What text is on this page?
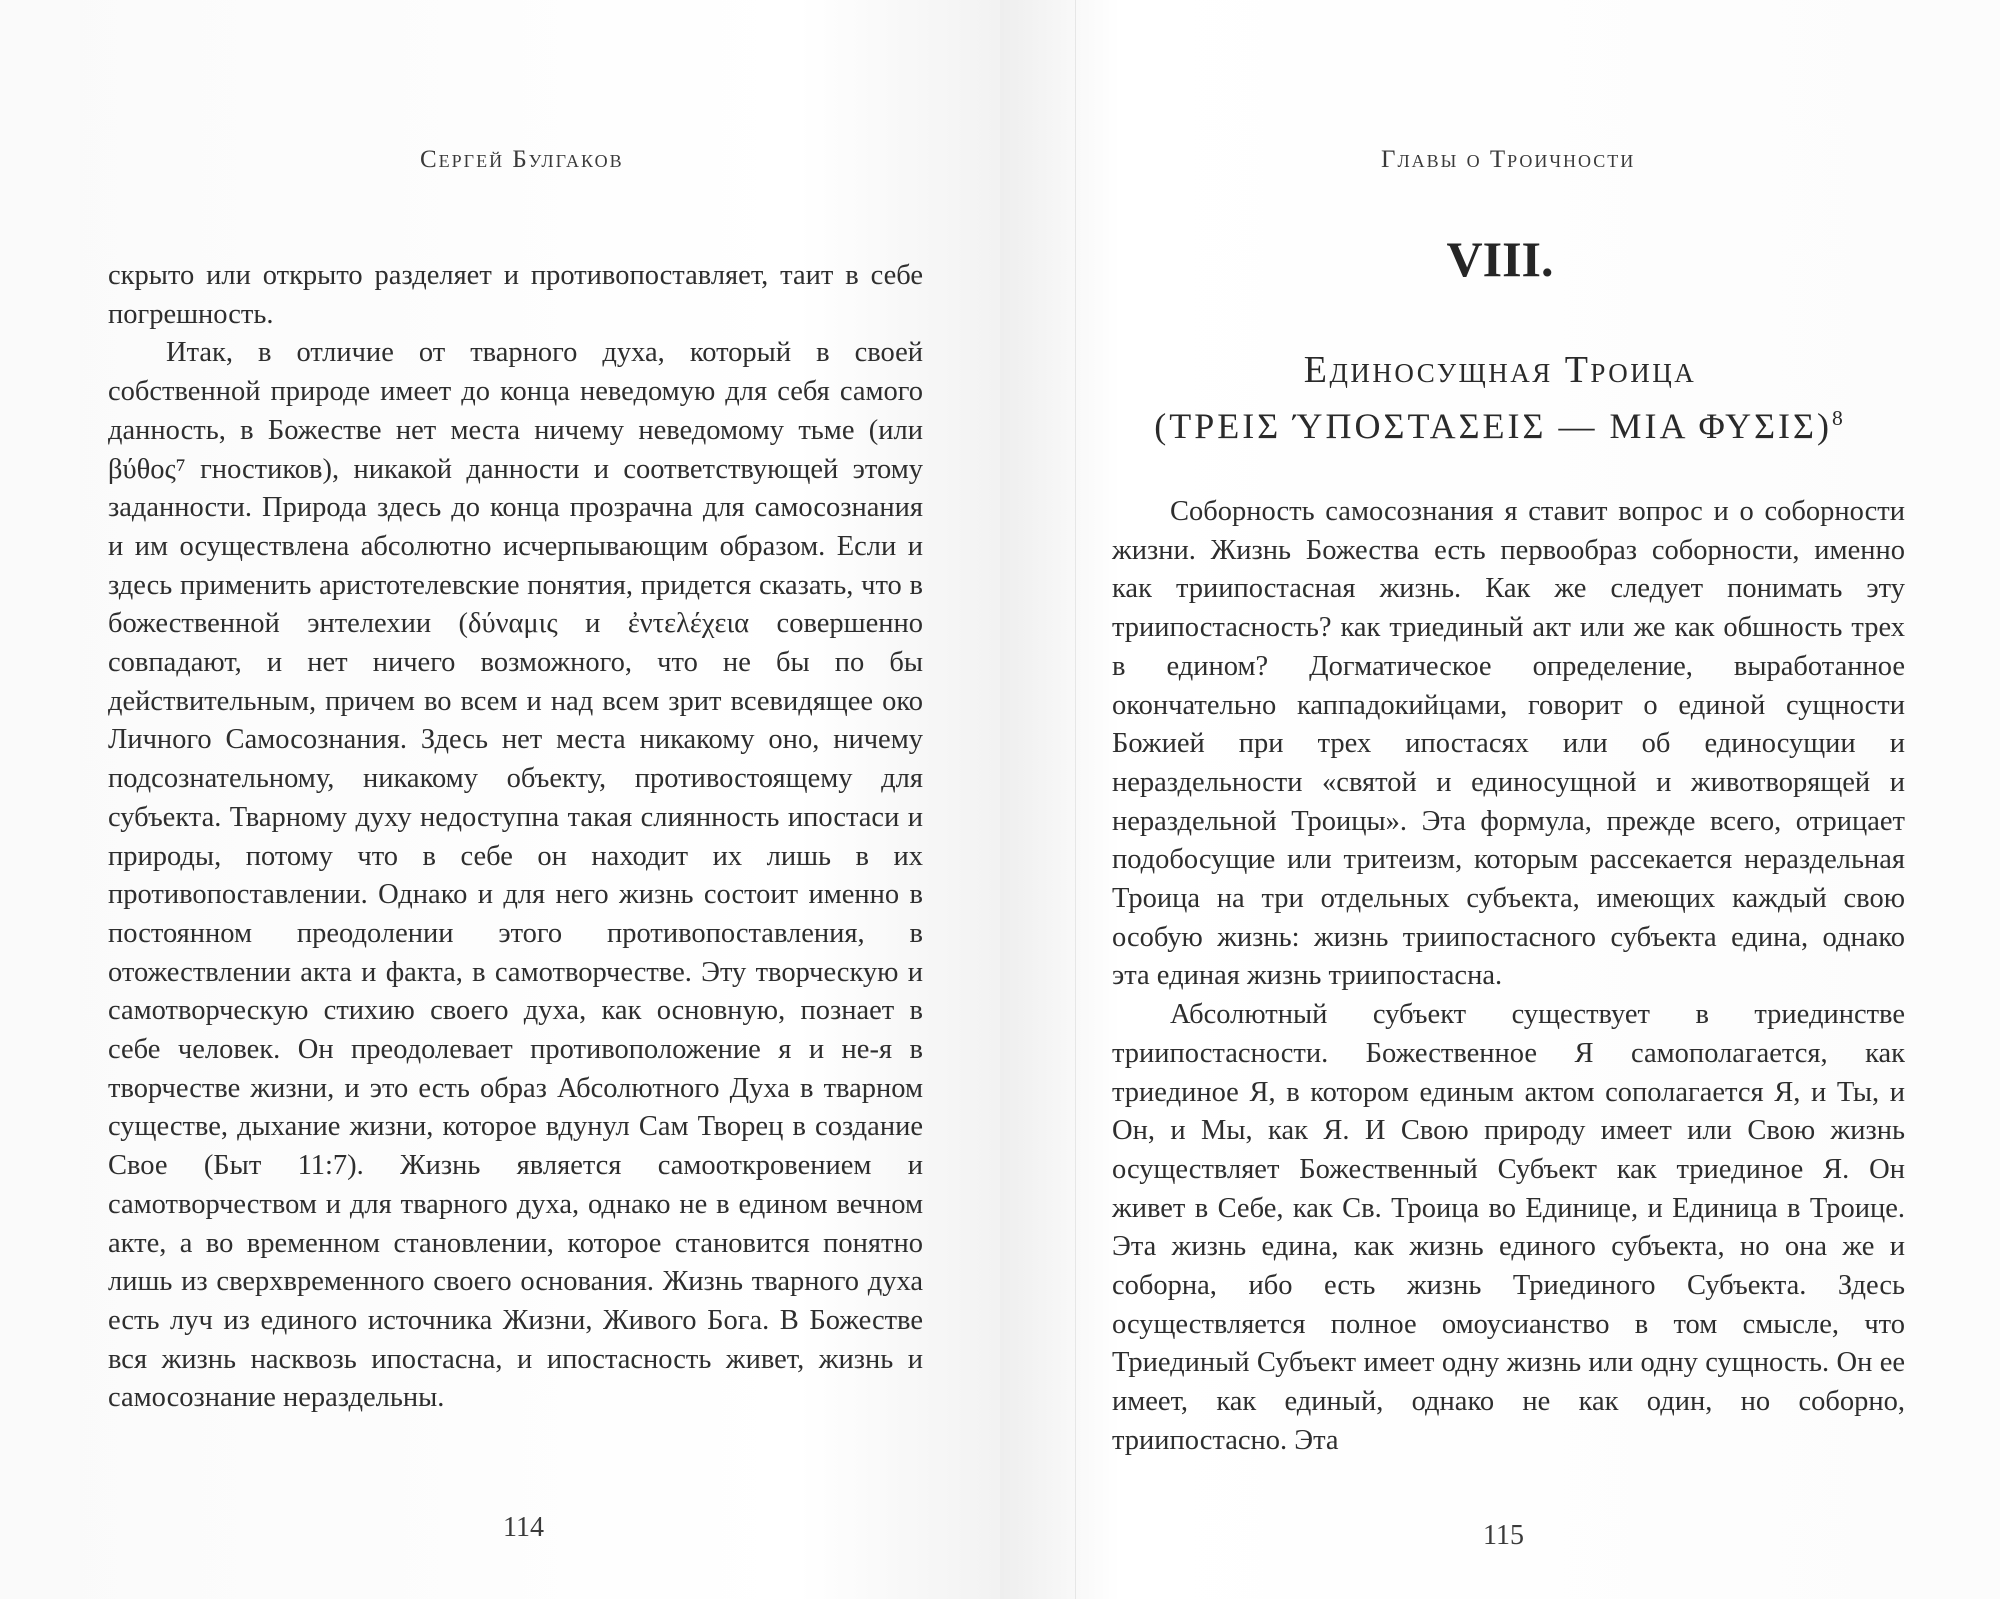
Сергей Булгаков

скрыто или открыто разделяет и противопоставляет, таит в себе погрешность.

Итак, в отличие от тварного духа, который в своей собственной природе имеет до конца неведомую для себя самого данность, в Божестве нет места ничему неведомому тьме (или βύθος⁷ гностиков), никакой данности и соответствующей этому заданности. Природа здесь до конца прозрачна для самосознания и им осуществлена абсолютно исчерпывающим образом. Если и здесь применить аристотелевские понятия, придется сказать, что в божественной энтелехии (δύναμις и ἐντελέχεια совершенно совпадают, и нет ничего возможного, что не бы по бы действительным, причем во всем и над всем зрит всевидящее око Личного Самосознания. Здесь нет места никакому оно, ничему подсознательному, никакому объекту, противостоящему для субъекта. Тварному духу недоступна такая слиянность ипостаси и природы, потому что в себе он находит их лишь в их противопоставлении. Однако и для него жизнь состоит именно в постоянном преодолении этого противопоставления, в отожествлении акта и факта, в самотворчестве. Эту творческую и самотворческую стихию своего духа, как основную, познает в себе человек. Он преодолевает противоположение я и не-я в творчестве жизни, и это есть образ Абсолютного Духа в тварном существе, дыхание жизни, которое вдунул Сам Творец в создание Свое (Быт 11:7). Жизнь является самооткровением и самотворчеством и для тварного духа, однако не в едином вечном акте, а во временном становлении, которое становится понятно лишь из сверхвременного своего основания. Жизнь тварного духа есть луч из единого источника Жизни, Живого Бога. В Божестве вся жизнь насквозь ипостасна, и ипостасность живет, жизнь и самосознание нераздельны.

114
Главы о Троичности
VIII.
Единосущная Троица
(ΤΡΕΙΣ ΎΠΟΣΤΑΣΕΙΣ — ΜΙΑ ΦΥΣΙΣ)$^8$

Соборность самосознания я ставит вопрос и о соборности жизни. Жизнь Божества есть первообраз соборности, именно как триипостасная жизнь. Как же следует понимать эту триипостасность? как триединый акт или же как обшность трех в едином? Догматическое определение, выработанное окончательно каппадокийцами, говорит о единой сущности Божией при трех ипостасях или об единосущии и нераздельности «святой и единосущной и животворящей и нераздельной Троицы». Эта формула, прежде всего, отрицает подобосущие или тритеизм, которым рассекается нераздельная Троица на три отдельных субъекта, имеющих каждый свою особую жизнь: жизнь триипостасного субъекта едина, однако эта единая жизнь триипостасна.

Абсолютный субъект существует в триединстве триипостасности. Божественное Я самополагается, как триединое Я, в котором единым актом сополагается Я, и Ты, и Он, и Мы, как Я. И Свою природу имеет или Свою жизнь осуществляет Божественный Субъект как триединое Я. Он живет в Себе, как Св. Троица во Единице, и Единица в Троице. Эта жизнь едина, как жизнь единого субъекта, но она же и соборна, ибо есть жизнь Триединого Субъекта. Здесь осуществляется полное омоусианство в том смысле, что Триединый Субъект имеет одну жизнь или одну сущность. Он ее имеет, как единый, однако не как один, но соборно, триипостасно. Эта

115
